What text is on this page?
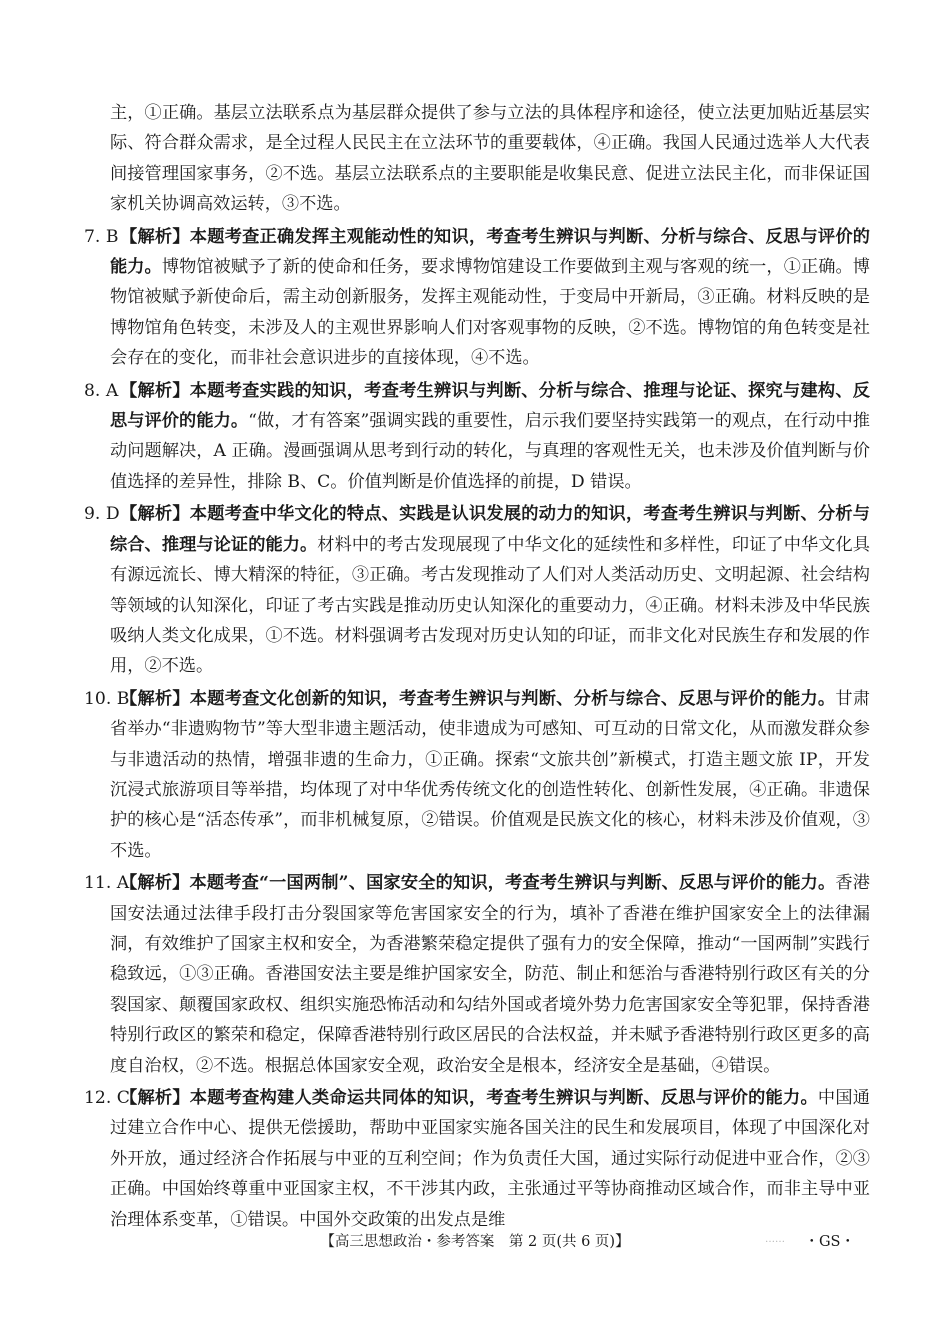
主，①正确。基层立法联系点为基层群众提供了参与立法的具体程序和途径，使立法更加贴近基层实际、符合群众需求，是全过程人民民主在立法环节的重要载体，④正确。我国人民通过选举人大代表间接管理国家事务，②不选。基层立法联系点的主要职能是收集民意、促进立法民主化，而非保证国家机关协调高效运转，③不选。

7. B 【解析】本题考查正确发挥主观能动性的知识，考查考生辨识与判断、分析与综合、反思与评价的能力。博物馆被赋予了新的使命和任务，要求博物馆建设工作要做到主观与客观的统一，①正确。博物馆被赋予新使命后，需主动创新服务，发挥主观能动性，于变局中开新局，③正确。材料反映的是博物馆角色转变，未涉及人的主观世界影响人们对客观事物的反映，②不选。博物馆的角色转变是社会存在的变化，而非社会意识进步的直接体现，④不选。
8. A 【解析】本题考查实践的知识，考查考生辨识与判断、分析与综合、推理与论证、探究与建构、反思与评价的能力。“做，才有答案”强调实践的重要性，启示我们要坚持实践第一的观点，在行动中推动问题解决，A 正确。漫画强调从思考到行动的转化，与真理的客观性无关，也未涉及价值判断与价值选择的差异性，排除 B、C。价值判断是价值选择的前提，D 错误。
9. D 【解析】本题考查中华文化的特点、实践是认识发展的动力的知识，考查考生辨识与判断、分析与综合、推理与论证的能力。材料中的考古发现展现了中华文化的延续性和多样性，印证了中华文化具有源远流长、博大精深的特征，③正确。考古发现推动了人们对人类活动历史、文明起源、社会结构等领域的认知深化，印证了考古实践是推动历史认知深化的重要动力，④正确。材料未涉及中华民族吸纳人类文化成果，①不选。材料强调考古发现对历史认知的印证，而非文化对民族生存和发展的作用，②不选。
10. B
【解析】本题考查文化创新的知识，考查考生辨识与判断、分析与综合、反思与评价的能力。甘肃省举办“非遗购物节”等大型非遗主题活动，使非遗成为可感知、可互动的日常文化，从而激发群众参与非遗活动的热情，增强非遗的生命力，①正确。探索“文旅共创”新模式，打造主题文旅 IP，开发沉浸式旅游项目等举措，均体现了对中华优秀传统文化的创造性转化、创新性发展，④正确。非遗保护的核心是“活态传承”，而非机械复原，②错误。价值观是民族文化的核心，材料未涉及价值观，③不选。
11. A
【解析】本题考查“一国两制”、国家安全的知识，考查考生辨识与判断、反思与评价的能力。香港国安法通过法律手段打击分裂国家等危害国家安全的行为，填补了香港在维护国家安全上的法律漏洞，有效维护了国家主权和安全，为香港繁荣稳定提供了强有力的安全保障，推动“一国两制”实践行稳致远，①③正确。香港国安法主要是维护国家安全，防范、制止和惩治与香港特别行政区有关的分裂国家、颠覆国家政权、组织实施恐怖活动和勾结外国或者境外势力危害国家安全等犯罪，保持香港特别行政区的繁荣和稳定，保障香港特别行政区居民的合法权益，并未赋予香港特别行政区更多的高度自治权，②不选。根据总体国家安全观，政治安全是根本，经济安全是基础，④错误。
12. C
【解析】本题考查构建人类命运共同体的知识，考查考生辨识与判断、反思与评价的能力。中国通过建立合作中心、提供无偿援助，帮助中亚国家实施各国关注的民生和发展项目，体现了中国深化对外开放，通过经济合作拓展与中亚的互利空间；作为负责任大国，通过实际行动促进中亚合作，②③正确。中国始终尊重中亚国家主权，不干涉其内政，主张通过平等协商推动区域合作，而非主导中亚治理体系变革，①错误。中国外交政策的出发点是维
【高三思想政治・参考答案　第 2 页(共 6 页)】	…… ・GS・
